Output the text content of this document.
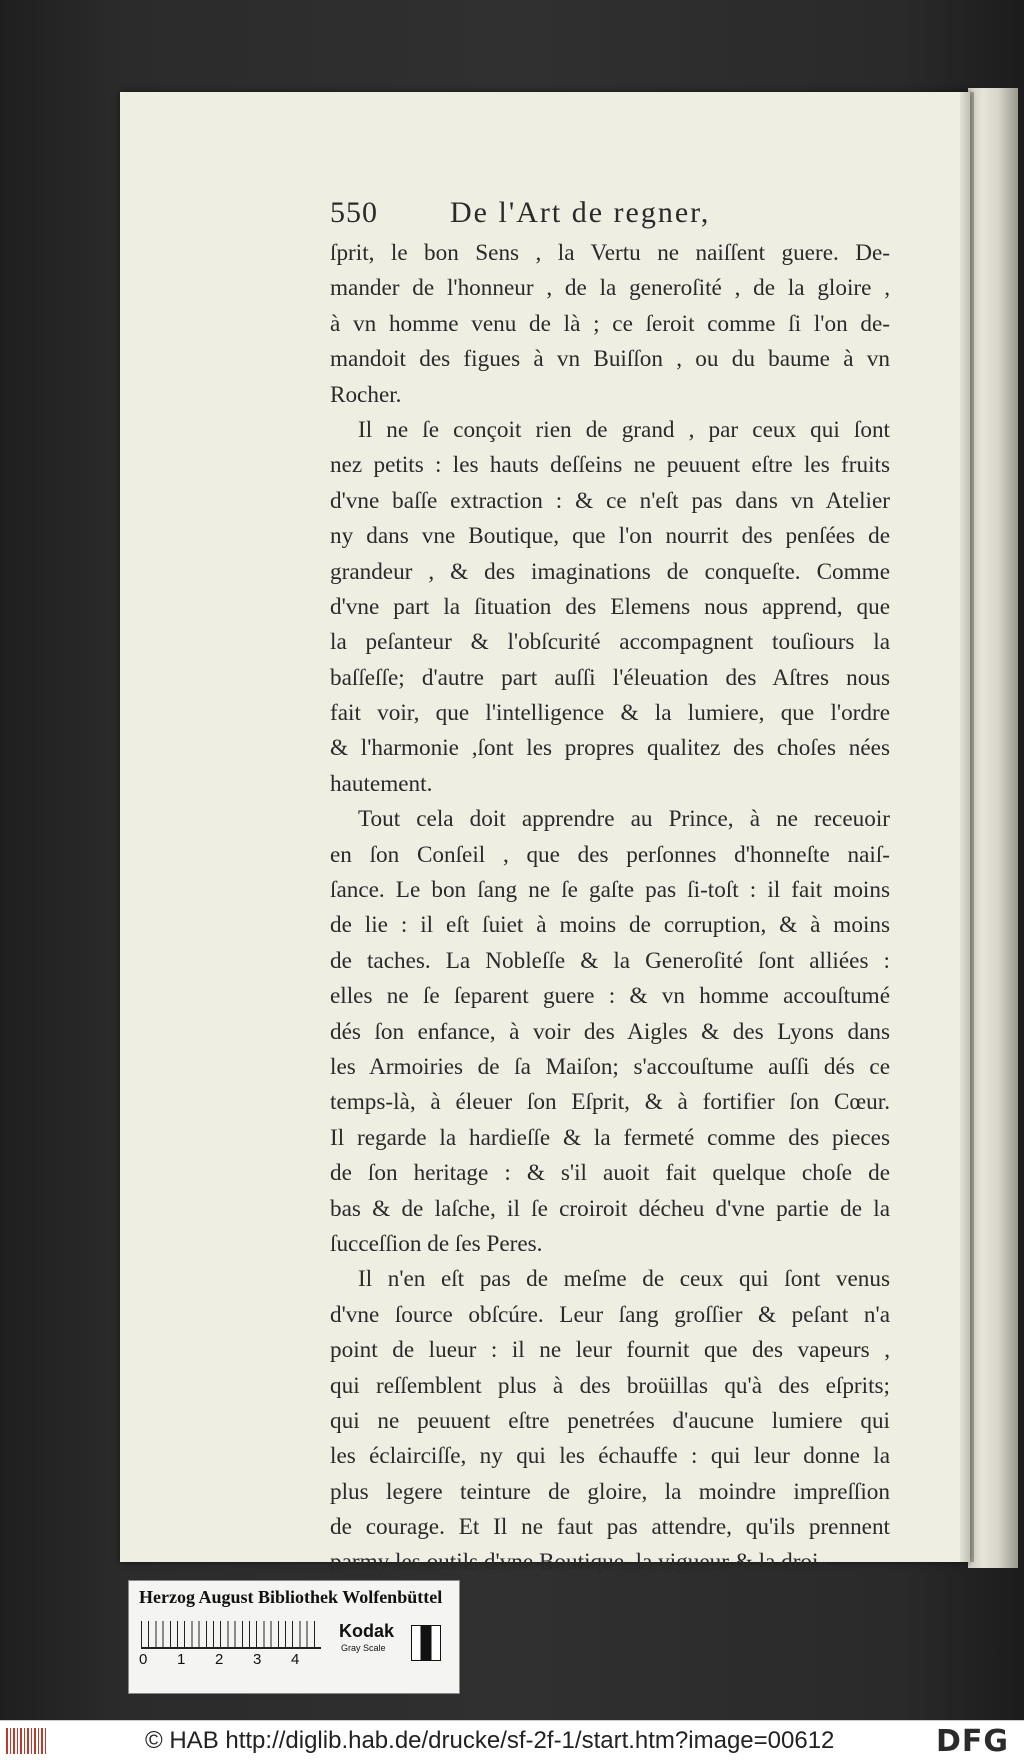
550 De l'Art de regner,
ſprit, le bon Sens , la Vertu ne naiſſent guere. De-
mander de l'honneur , de la generoſité , de la gloire ,
à vn homme venu de là ; ce ſeroit comme ſi l'on de-
mandoit des figues à vn Buiſſon , ou du baume à vn
Rocher.
Il ne ſe conçoit rien de grand , par ceux qui ſont
nez petits : les hauts deſſeins ne peuuent eſtre les fruits
d'vne baſſe extraction : & ce n'eſt pas dans vn Atelier
ny dans vne Boutique, que l'on nourrit des penſées de
grandeur , & des imaginations de conqueſte. Comme
d'vne part la ſituation des Elemens nous apprend, que
la peſanteur & l'obſcurité accompagnent touſiours la
baſſeſſe; d'autre part auſſi l'éleuation des Aſtres nous
fait voir, que l'intelligence & la lumiere, que l'ordre
& l'harmonie ,ſont les propres qualitez des choſes nées
hautement.
Tout cela doit apprendre au Prince, à ne receuoir
en ſon Conſeil , que des perſonnes d'honneſte naiſ-
ſance. Le bon ſang ne ſe gaſte pas ſi-toſt : il fait moins
de lie : il eſt ſuiet à moins de corruption, & à moins
de taches. La Nobleſſe & la Generoſité ſont alliées :
elles ne ſe ſeparent guere : & vn homme accouſtumé
dés ſon enfance, à voir des Aigles & des Lyons dans
les Armoiries de ſa Maiſon; s'accouſtume auſſi dés ce
temps-là, à éleuer ſon Eſprit, & à fortifier ſon Cœur.
Il regarde la hardieſſe & la fermeté comme des pieces
de ſon heritage : & s'il auoit fait quelque choſe de
bas & de laſche, il ſe croiroit décheu d'vne partie de la
ſucceſſion de ſes Peres.
Il n'en eſt pas de meſme de ceux qui ſont venus
d'vne ſource obſcúre. Leur ſang groſſier & peſant n'a
point de lueur : il ne leur fournit que des vapeurs ,
qui reſſemblent plus à des broüillas qu'à des eſprits;
qui ne peuuent eſtre penetrées d'aucune lumiere qui
les éclairciſſe, ny qui les échauffe : qui leur donne la
plus legere teinture de gloire, la moindre impreſſion
de courage. Et Il ne faut pas attendre, qu'ils prennent
parmy les outils d'vne Boutique, la vigueur & la droi-
Herzog August Bibliothek Wolfenbüttel
0 1 2 3 4
Kodak
Gray Scale
© HAB http://diglib.hab.de/drucke/sf-2f-1/start.htm?image=00612	DFG
